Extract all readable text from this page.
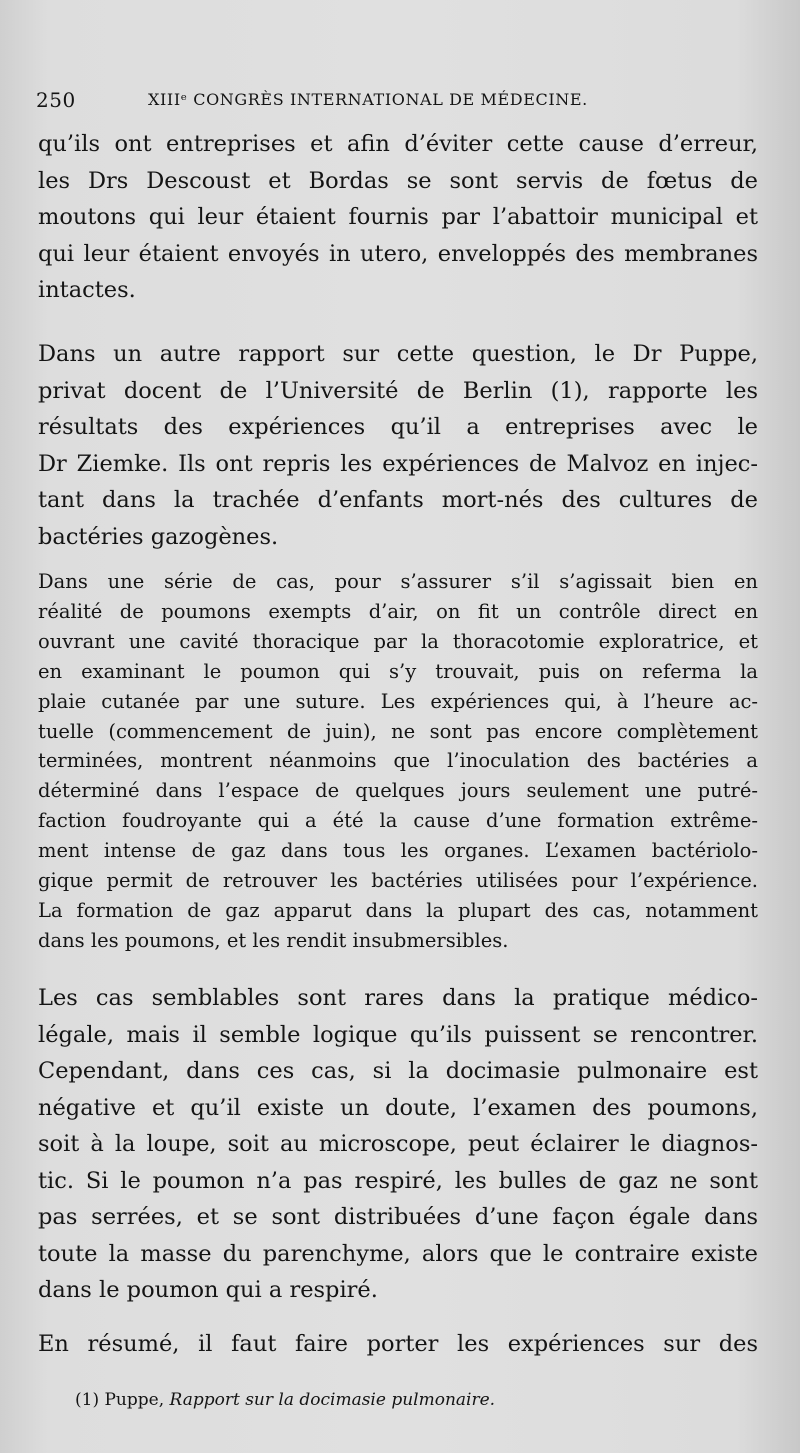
250	XIIIᵉ CONGRÈS INTERNATIONAL DE MÉDECINE.
qu’ils ont entreprises et afin d’éviter cette cause d’erreur,
les Drs Descoust et Bordas se sont servis de fœtus de
moutons qui leur étaient fournis par l’abattoir municipal et
qui leur étaient envoyés in utero, enveloppés des membranes
intactes.
Dans un autre rapport sur cette question, le Dr Puppe,
privat docent de l’Université de Berlin (1), rapporte les
résultats des expériences qu’il a entreprises avec le
Dr Ziemke. Ils ont repris les expériences de Malvoz en injec-
tant dans la trachée d’enfants mort-nés des cultures de
bactéries gazogènes.
Dans une série de cas, pour s’assurer s’il s’agissait bien en
réalité de poumons exempts d’air, on fit un contrôle direct en
ouvrant une cavité thoracique par la thoracotomie exploratrice, et
en examinant le poumon qui s’y trouvait, puis on referma la
plaie cutanée par une suture. Les expériences qui, à l’heure ac-
tuelle (commencement de juin), ne sont pas encore complètement
terminées, montrent néanmoins que l’inoculation des bactéries a
déterminé dans l’espace de quelques jours seulement une putré-
faction foudroyante qui a été la cause d’une formation extrême-
ment intense de gaz dans tous les organes. L’examen bactériolo-
gique permit de retrouver les bactéries utilisées pour l’expérience.
La formation de gaz apparut dans la plupart des cas, notamment
dans les poumons, et les rendit insubmersibles.
Les cas semblables sont rares dans la pratique médico-
légale, mais il semble logique qu’ils puissent se rencontrer.
Cependant, dans ces cas, si la docimasie pulmonaire est
négative et qu’il existe un doute, l’examen des poumons,
soit à la loupe, soit au microscope, peut éclairer le diagnos-
tic. Si le poumon n’a pas respiré, les bulles de gaz ne sont
pas serrées, et se sont distribuées d’une façon égale dans
toute la masse du parenchyme, alors que le contraire existe
dans le poumon qui a respiré.
En résumé, il faut faire porter les expériences sur des
(1) Puppe, Rapport sur la docimasie pulmonaire.
